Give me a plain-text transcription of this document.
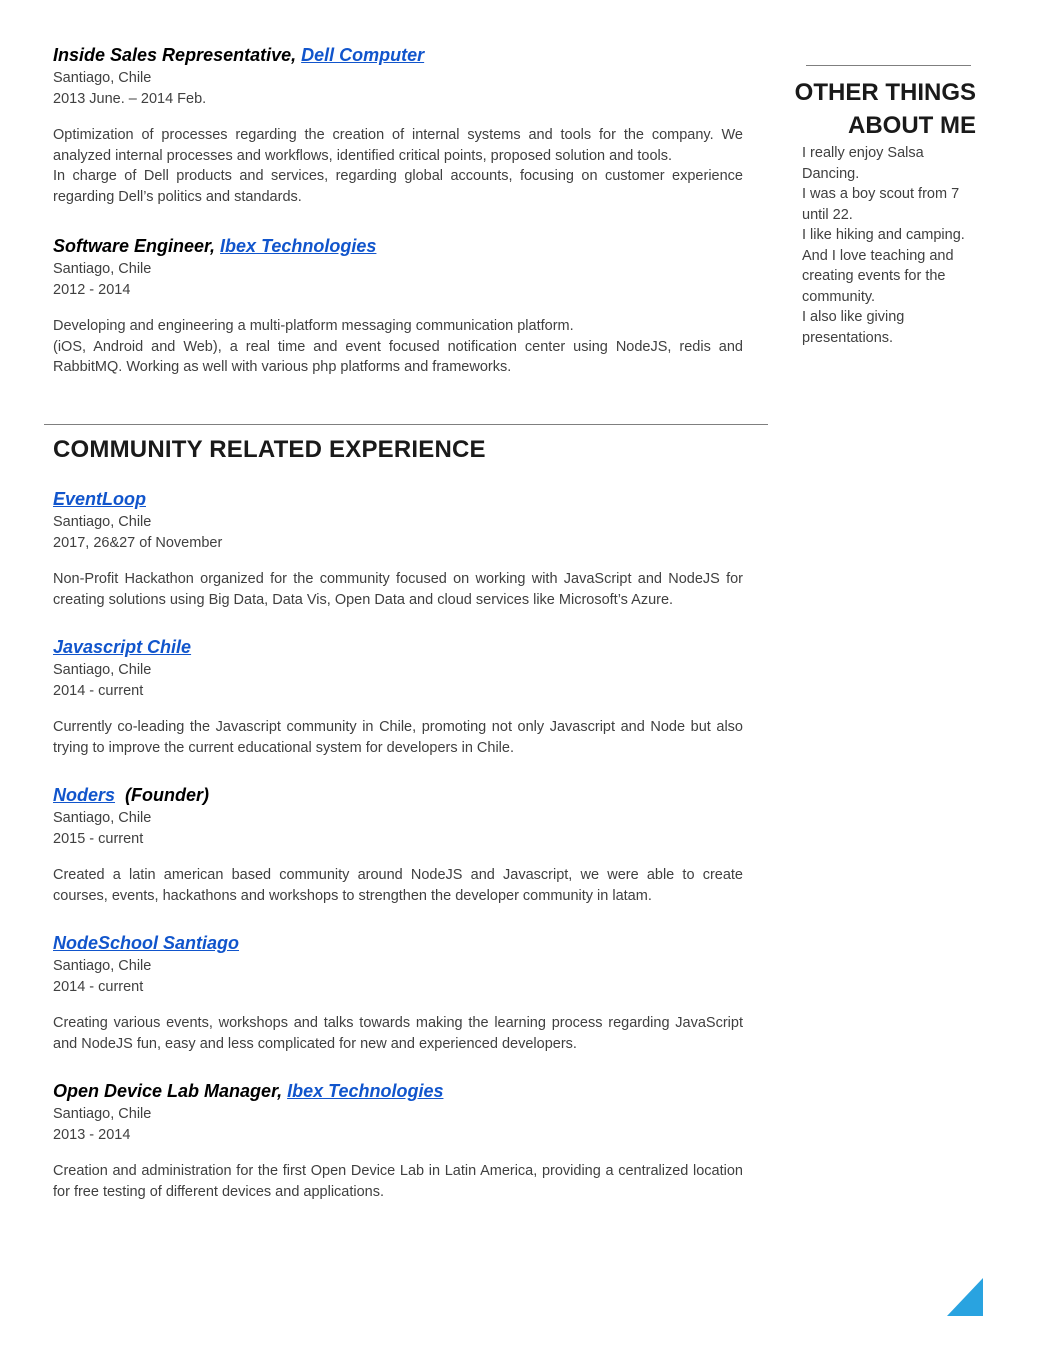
Inside Sales Representative, Dell Computer
Santiago, Chile
2013 June. – 2014 Feb.

Optimization of processes regarding the creation of internal systems and tools for the company. We analyzed internal processes and workflows, identified critical points, proposed solution and tools.

In charge of Dell products and services, regarding global accounts, focusing on customer experience regarding Dell’s politics and standards.

Software Engineer, Ibex Technologies
Santiago, Chile
2012 - 2014

Developing and engineering a multi-platform messaging communication platform.

(iOS, Android and Web), a real time and event focused notification center using NodeJS, redis and RabbitMQ. Working as well with various php platforms and frameworks.

COMMUNITY RELATED EXPERIENCE
EventLoop
Santiago, Chile
2017, 26&27 of November
Non-Profit Hackathon organized for the community focused on working with JavaScript and NodeJS for creating solutions using Big Data, Data Vis, Open Data and cloud services like Microsoft’s Azure.
Javascript Chile
Santiago, Chile
2014 - current
Currently co-leading the Javascript community in Chile, promoting not only Javascript and Node but also trying to improve the current educational system for developers in Chile.
Noders  (Founder)
Santiago, Chile
2015 - current
Created a latin american based community around NodeJS and Javascript, we were able to create courses, events, hackathons and workshops to strengthen the developer community in latam.
NodeSchool Santiago
Santiago, Chile
2014 - current
Creating various events, workshops and talks towards making the learning process regarding JavaScript and NodeJS fun, easy and less complicated for new and experienced developers.
Open Device Lab Manager, Ibex Technologies
Santiago, Chile
2013 - 2014
Creation and administration for the first Open Device Lab in Latin America, providing a centralized location for free testing of different devices and applications.
OTHER THINGS
ABOUT ME
I really enjoy Salsa Dancing.
I was a boy scout from 7 until 22.
I like hiking and camping.
And I love teaching and creating events for the community.
I also like giving presentations.
